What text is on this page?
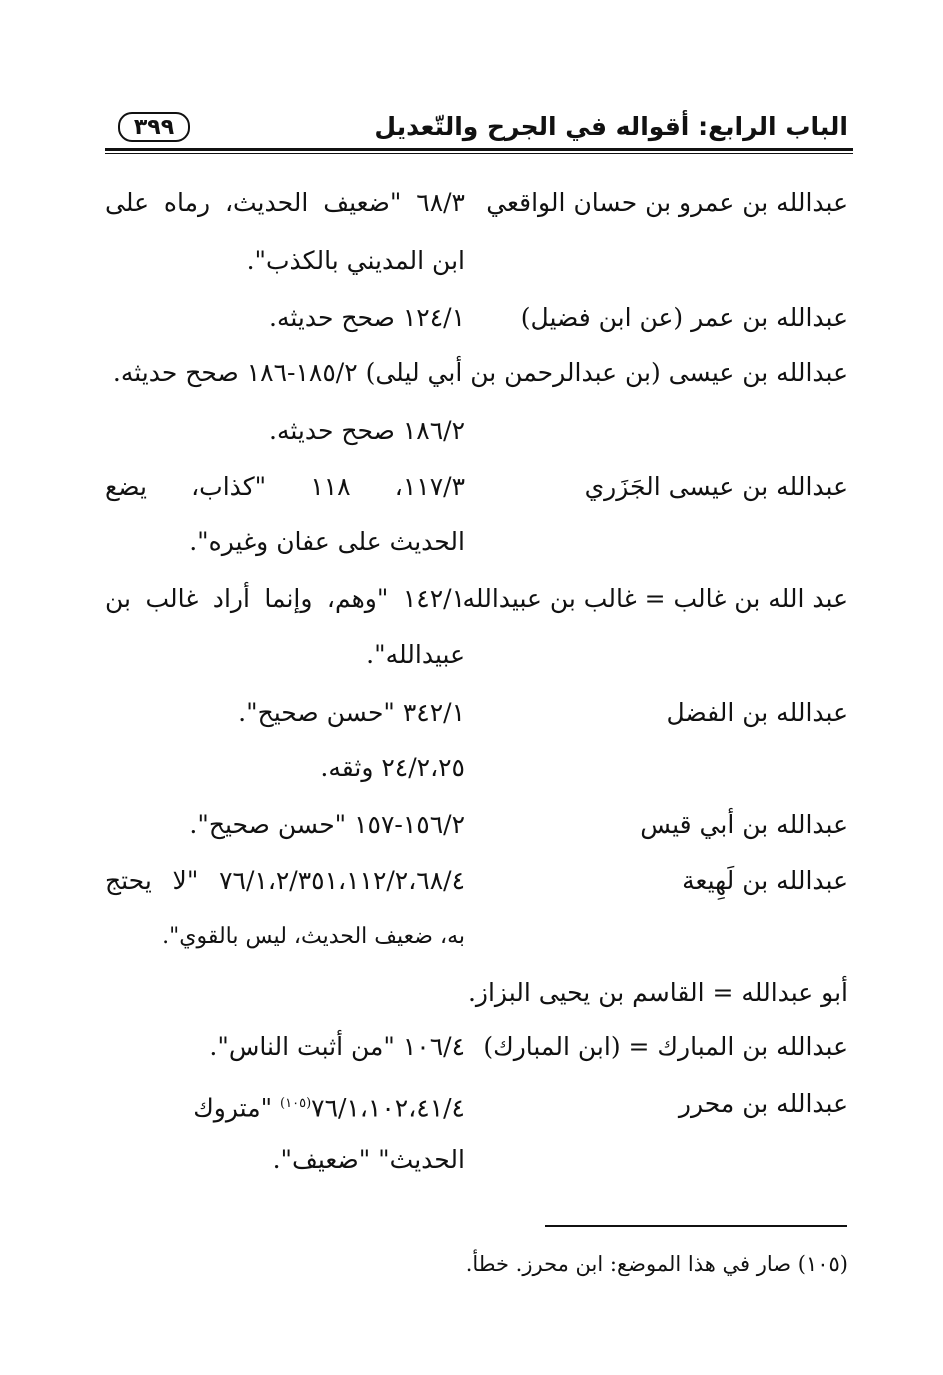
الباب الرابع: أقواله في الجرح والتّعديل
٣٩٩
عبدالله بن عمرو بن حسان الواقعي
٦٨/٣ "ضعيف الحديث، رماه على
ابن المديني بالكذب".
عبدالله بن عمر (عن ابن فضيل)
١٢٤/١ صحح حديثه.
عبدالله بن عيسى (بن عبدالرحمن بن أبي ليلى) ١٨٥/٢-١٨٦ صحح حديثه.
١٨٦/٢ صحح حديثه.
عبدالله بن عيسى الجَزَري
١١٧/٣، ١١٨ "كذاب، يضع
الحديث على عفان وغيره".
عبد الله بن غالب = غالب بن عبيدالله
١٤٢/١ "وهم، وإنما أراد غالب بن
عبيدالله".
عبدالله بن الفضل
٣٤٢/١ "حسن صحيح".
٢٤/٢،٢٥ وثقه.
عبدالله بن أبي قيس
١٥٦/٢-١٥٧ "حسن صحيح".
عبدالله بن لَهِيعة
٧٦/١،٢/٣٥١،١١٢/٢،٦٨/٤ "لا يحتج
به، ضعيف الحديث، ليس بالقوي".
أبو عبدالله = القاسم بن يحيى البزاز.
عبدالله بن المبارك = (ابن المبارك)
١٠٦/٤ "من أثبت الناس".
عبدالله بن محرر
٧٦/١،١٠٢،٤١/٤$^{(١٠٥)}$ "متروك
الحديث" "ضعيف".
(١٠٥) صار في هذا الموضع: ابن محرز. خطأ.
